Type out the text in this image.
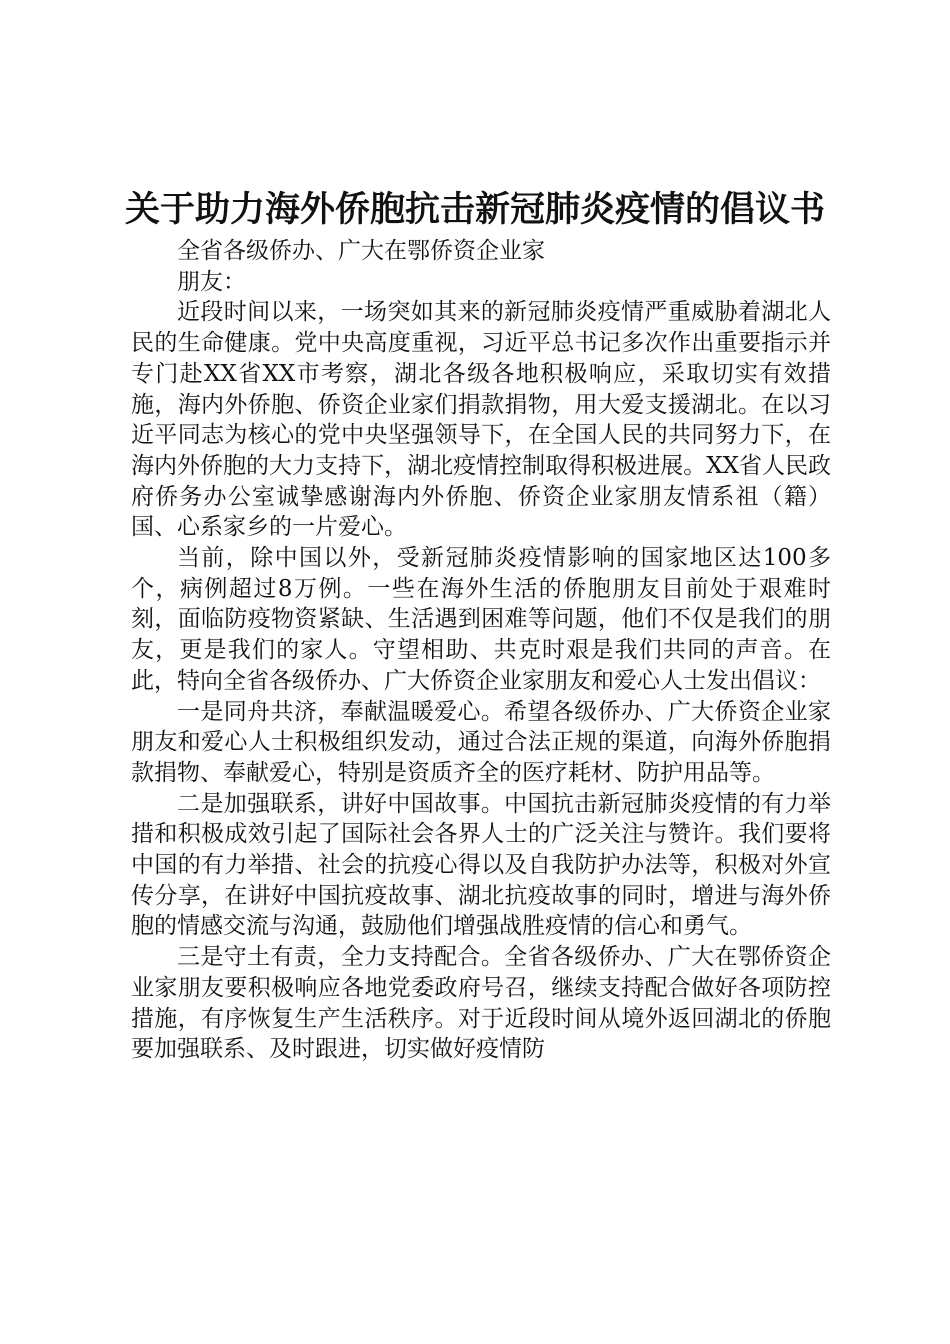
关于助力海外侨胞抗击新冠肺炎疫情的倡议书

全省各级侨办、广大在鄂侨资企业家

朋友：

近段时间以来，一场突如其来的新冠肺炎疫情严重威胁着湖北人民的生命健康。党中央高度重视，习近平总书记多次作出重要指示并专门赴XX省XX市考察，湖北各级各地积极响应，采取切实有效措施，海内外侨胞、侨资企业家们捐款捐物，用大爱支援湖北。在以习近平同志为核心的党中央坚强领导下，在全国人民的共同努力下，在海内外侨胞的大力支持下，湖北疫情控制取得积极进展。XX省人民政府侨务办公室诚挚感谢海内外侨胞、侨资企业家朋友情系祖（籍）国、心系家乡的一片爱心。

当前，除中国以外，受新冠肺炎疫情影响的国家地区达100多个，病例超过8万例。一些在海外生活的侨胞朋友目前处于艰难时刻，面临防疫物资紧缺、生活遇到困难等问题，他们不仅是我们的朋友，更是我们的家人。守望相助、共克时艰是我们共同的声音。在此，特向全省各级侨办、广大侨资企业家朋友和爱心人士发出倡议：

一是同舟共济，奉献温暖爱心。希望各级侨办、广大侨资企业家朋友和爱心人士积极组织发动，通过合法正规的渠道，向海外侨胞捐款捐物、奉献爱心，特别是资质齐全的医疗耗材、防护用品等。

二是加强联系，讲好中国故事。中国抗击新冠肺炎疫情的有力举措和积极成效引起了国际社会各界人士的广泛关注与赞许。我们要将中国的有力举措、社会的抗疫心得以及自我防护办法等，积极对外宣传分享，在讲好中国抗疫故事、湖北抗疫故事的同时，增进与海外侨胞的情感交流与沟通，鼓励他们增强战胜疫情的信心和勇气。

三是守土有责，全力支持配合。全省各级侨办、广大在鄂侨资企业家朋友要积极响应各地党委政府号召，继续支持配合做好各项防控措施，有序恢复生产生活秩序。对于近段时间从境外返回湖北的侨胞要加强联系、及时跟进，切实做好疫情防
